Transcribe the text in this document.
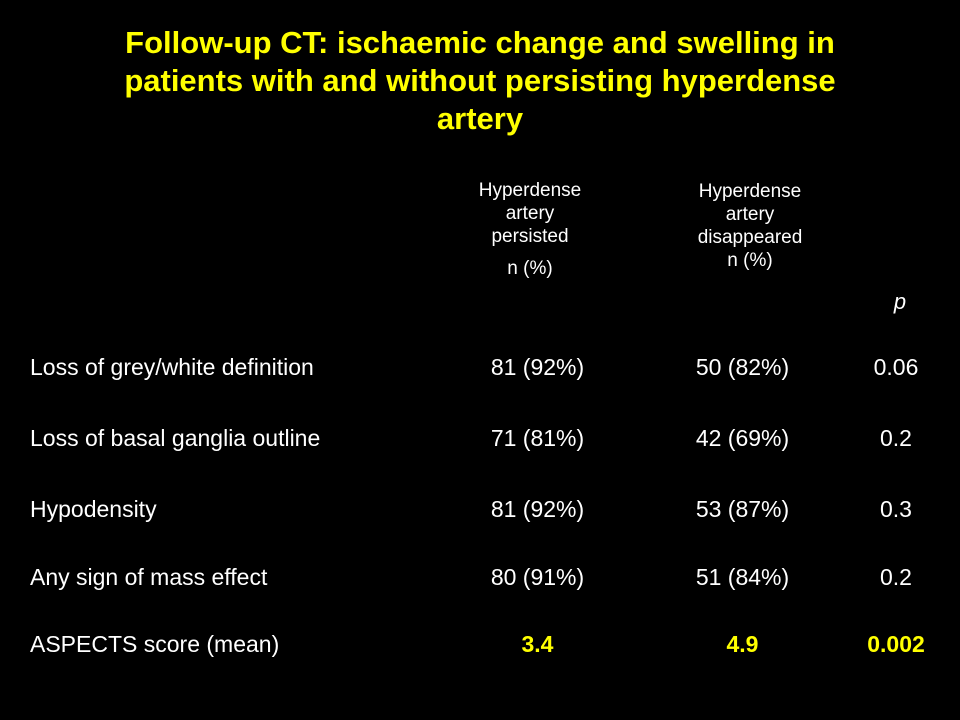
Follow-up CT: ischaemic change and swelling in
patients with and without persisting hyperdense
artery
Hyperdense
artery
persisted
n (%)
Hyperdense
artery
disappeared
n (%)
p
Loss of grey/white definition	81 (92%)	50 (82%)	0.06
Loss of basal ganglia outline	71 (81%)	42 (69%)	0.2
Hypodensity	81 (92%)	53 (87%)	0.3
Any sign of mass effect	80 (91%)	51 (84%)	0.2
ASPECTS score (mean)	3.4	4.9	0.002
